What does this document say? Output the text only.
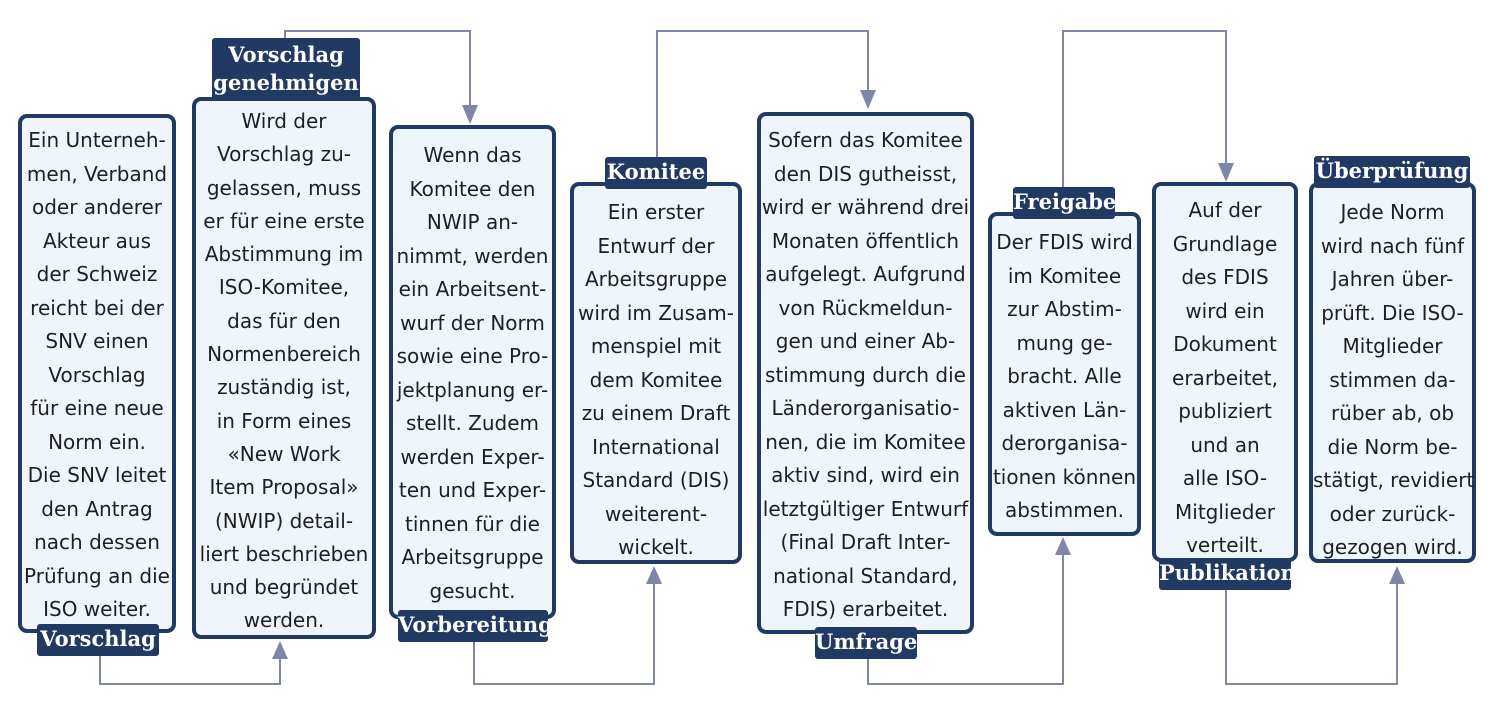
Ein Unterneh-
men, Verband
oder anderer
Akteur aus
der Schweiz
reicht bei der
SNV einen
Vorschlag
für eine neue
Norm ein.
Die SNV leitet
den Antrag
nach dessen
Prüfung an die
ISO weiter.
Vorschlag
Wird der
Vorschlag zu-
gelassen, muss
er für eine erste
Abstimmung im
ISO-Komitee,
das für den
Normenbereich
zuständig ist,
in Form eines
«New Work
Item Proposal»
(NWIP) detail-
liert beschrieben
und begründet
werden.
Vorschlag
genehmigen
Wenn das
Komitee den
NWIP an-
nimmt, werden
ein Arbeitsent-
wurf der Norm
sowie eine Pro-
jektplanung er-
stellt. Zudem
werden Exper-
ten und Exper-
tinnen für die
Arbeitsgruppe
gesucht.
Vorbereitung
Ein erster
Entwurf der
Arbeitsgruppe
wird im Zusam-
menspiel mit
dem Komitee
zu einem Draft
International
Standard (DIS)
weiterent-
wickelt.
Komitee
Sofern das Komitee
den DIS gutheisst,
wird er während drei
Monaten öffentlich
aufgelegt. Aufgrund
von Rückmeldun-
gen und einer Ab-
stimmung durch die
Länderorganisatio-
nen, die im Komitee
aktiv sind, wird ein
letztgültiger Entwurf
(Final Draft Inter-
national Standard,
FDIS) erarbeitet.
Umfrage
Der FDIS wird
im Komitee
zur Abstim-
mung ge-
bracht. Alle
aktiven Län-
derorganisa-
tionen können
abstimmen.
Freigabe	Auf der
Grundlage
des FDIS
wird ein
Dokument
erarbeitet,
publiziert
und an
alle ISO-
Mitglieder
verteilt.
Publikation
Jede Norm
wird nach fünf
Jahren über-
prüft. Die ISO-
Mitglieder
stimmen da-
rüber ab, ob
die Norm be-
stätigt, revidiert
oder zurück-
gezogen wird.
Überprüfung
